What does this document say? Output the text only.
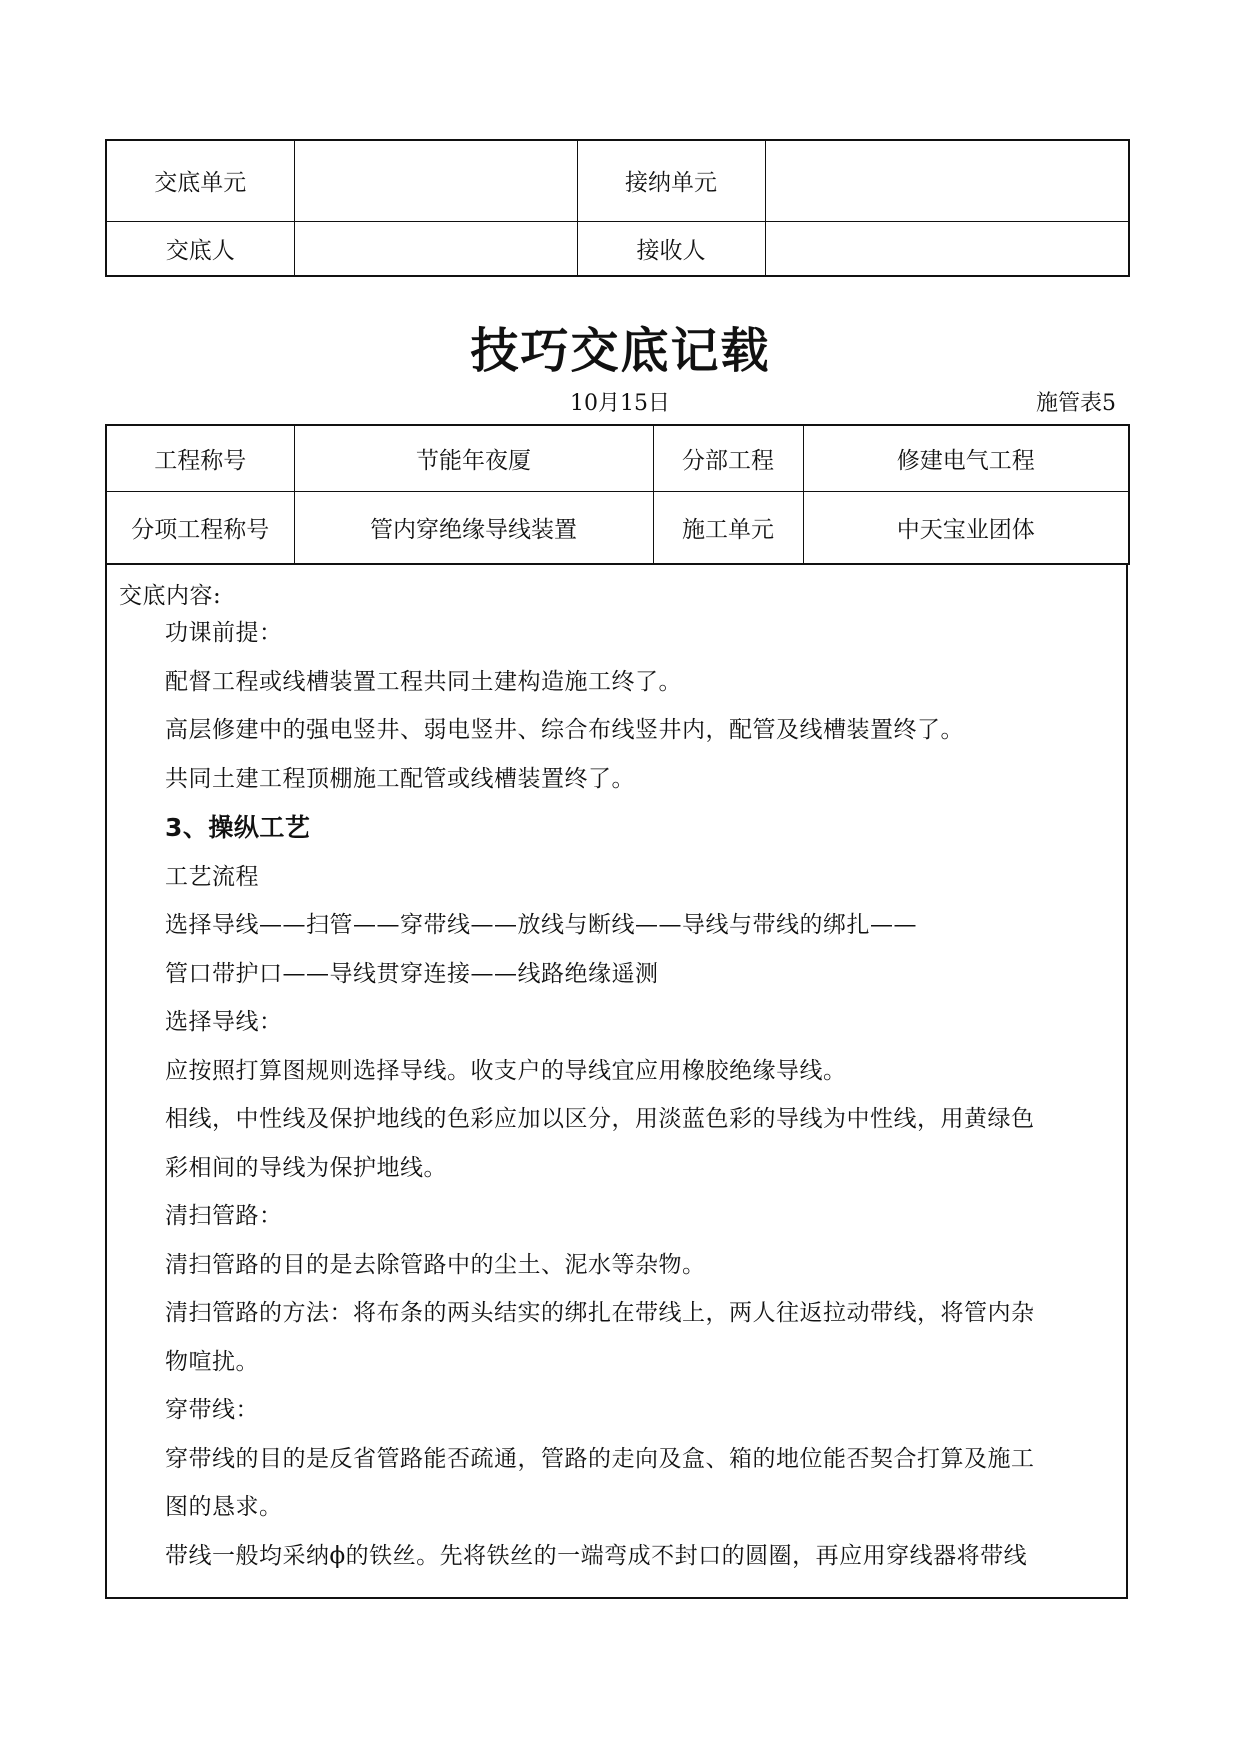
交底单元		接纳单元	
交底人		接收人	
技巧交底记载
10月15日	施管表5
工程称号	节能年夜厦	分部工程	修建电气工程
分项工程称号	管内穿绝缘导线装置	施工单元	中天宝业团体
交底内容:
功课前提：
配督工程或线槽装置工程共同土建构造施工终了。
高层修建中的强电竖井、弱电竖井、综合布线竖井内，配管及线槽装置终了。
共同土建工程顶棚施工配管或线槽装置终了。
3、操纵工艺
工艺流程
选择导线——扫管——穿带线——放线与断线——导线与带线的绑扎——
管口带护口——导线贯穿连接——线路绝缘遥测
选择导线：
应按照打算图规则选择导线。收支户的导线宜应用橡胶绝缘导线。
相线，中性线及保护地线的色彩应加以区分，用淡蓝色彩的导线为中性线，用黄绿色
彩相间的导线为保护地线。
清扫管路：
清扫管路的目的是去除管路中的尘土、泥水等杂物。
清扫管路的方法：将布条的两头结实的绑扎在带线上，两人往返拉动带线，将管内杂
物喧扰。
穿带线：
穿带线的目的是反省管路能否疏通，管路的走向及盒、箱的地位能否契合打算及施工
图的恳求。
带线一般均采纳ϕ的铁丝。先将铁丝的一端弯成不封口的圆圈，再应用穿线器将带线
